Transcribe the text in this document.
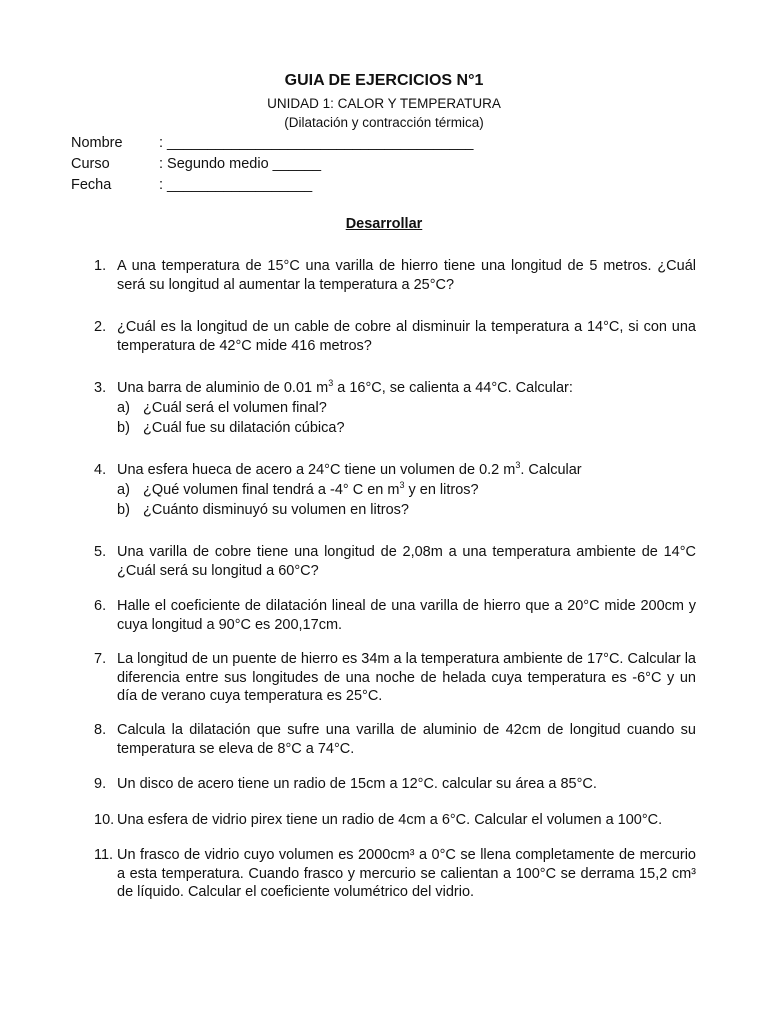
GUIA DE EJERCICIOS N°1
UNIDAD 1: CALOR Y TEMPERATURA
(Dilatación y contracción térmica)
Nombre	: ______________________________________
Curso	: Segundo medio ______
Fecha	: __________________
Desarrollar
1. A una temperatura de 15°C una varilla de hierro tiene una longitud de 5 metros. ¿Cuál será su longitud al aumentar la temperatura a 25°C?
2. ¿Cuál es la longitud de un cable de cobre al disminuir la temperatura a 14°C, si con una temperatura de 42°C mide 416 metros?
3. Una barra de aluminio de 0.01 $m^3$ a 16°C, se calienta a 44°C. Calcular:
a) ¿Cuál será el volumen final?
b) ¿Cuál fue su dilatación cúbica?
4. Una esfera hueca de acero a 24°C tiene un volumen de 0.2 $m^3$. Calcular
a) ¿Qué volumen final tendrá a -4° C en $m^3$ y en litros?
b) ¿Cuánto disminuyó su volumen en litros?
5. Una varilla de cobre tiene una longitud de 2,08m a una temperatura ambiente de 14°C ¿Cuál será su longitud a 60°C?
6. Halle el coeficiente de dilatación lineal de una varilla de hierro que a 20°C mide 200cm y cuya longitud a 90°C es 200,17cm.
7. La longitud de un puente de hierro es 34m a la temperatura ambiente de 17°C. Calcular la diferencia entre sus longitudes de una noche de helada cuya temperatura es -6°C y un día de verano cuya temperatura es 25°C.
8. Calcula la dilatación que sufre una varilla de aluminio de 42cm de longitud cuando su temperatura se eleva de 8°C a 74°C.
9. Un disco de acero tiene un radio de 15cm a 12°C. calcular su área a 85°C.
10. Una esfera de vidrio pirex tiene un radio de 4cm a 6°C. Calcular el volumen a 100°C.
11. Un frasco de vidrio cuyo volumen es 2000cm³ a 0°C se llena completamente de mercurio a esta temperatura. Cuando frasco y mercurio se calientan a 100°C se derrama 15,2 cm³ de líquido. Calcular el coeficiente volumétrico del vidrio.
